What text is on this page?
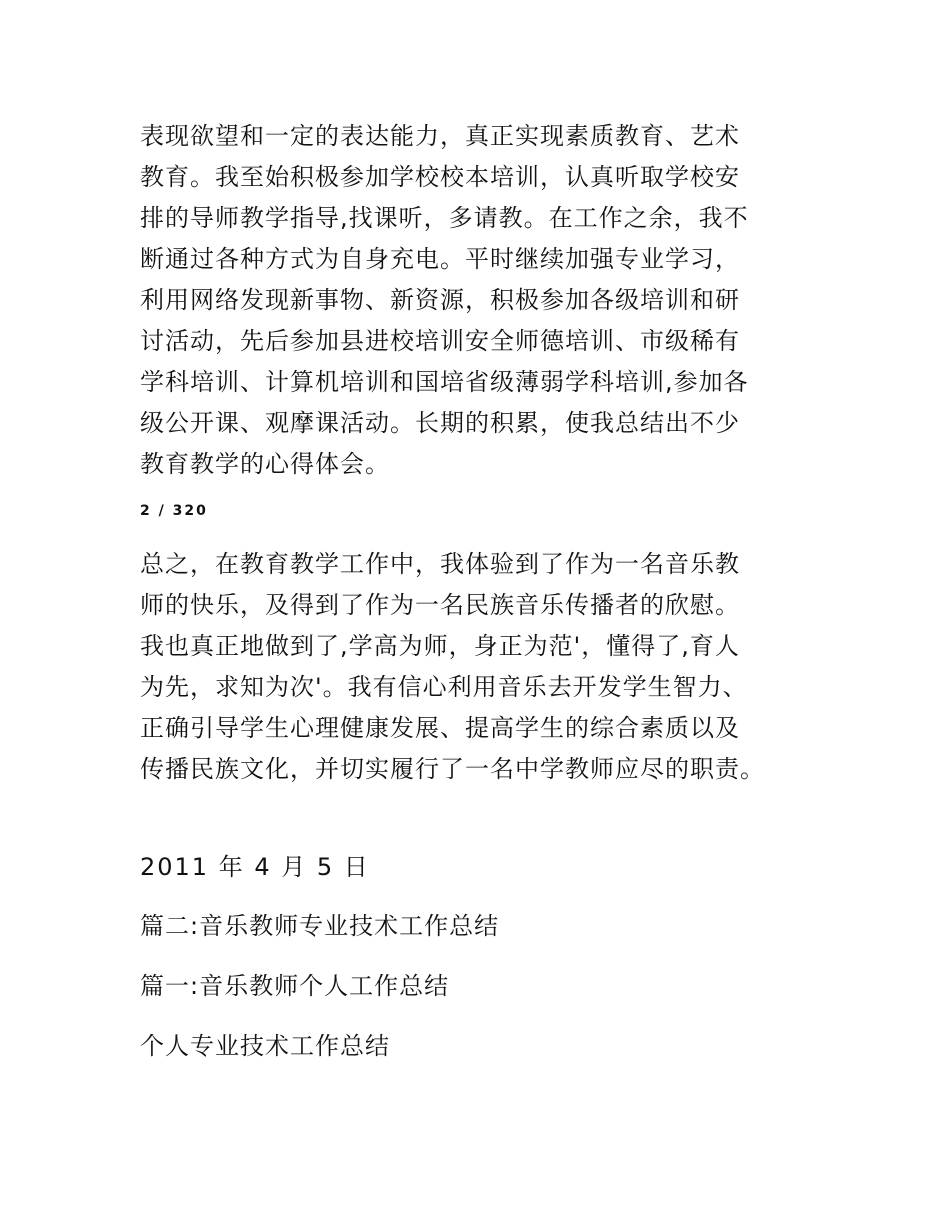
表现欲望和一定的表达能力，真正实现素质教育、艺术
教育。我至始积极参加学校校本培训，认真听取学校安
排的导师教学指导,找课听，多请教。在工作之余，我不
断通过各种方式为自身充电。平时继续加强专业学习，
利用网络发现新事物、新资源，积极参加各级培训和研
讨活动，先后参加县进校培训安全师德培训、市级稀有
学科培训、计算机培训和国培省级薄弱学科培训,参加各
级公开课、观摩课活动。长期的积累，使我总结出不少
教育教学的心得体会。

2 / 320

总之，在教育教学工作中，我体验到了作为一名音乐教
师的快乐，及得到了作为一名民族音乐传播者的欣慰。
我也真正地做到了,学高为师，身正为范'，懂得了,育人
为先，求知为次'。我有信心利用音乐去开发学生智力、
正确引导学生心理健康发展、提高学生的综合素质以及
传播民族文化，并切实履行了一名中学教师应尽的职责。

2011 年 4 月 5 日
篇二:音乐教师专业技术工作总结
篇一:音乐教师个人工作总结
个人专业技术工作总结
